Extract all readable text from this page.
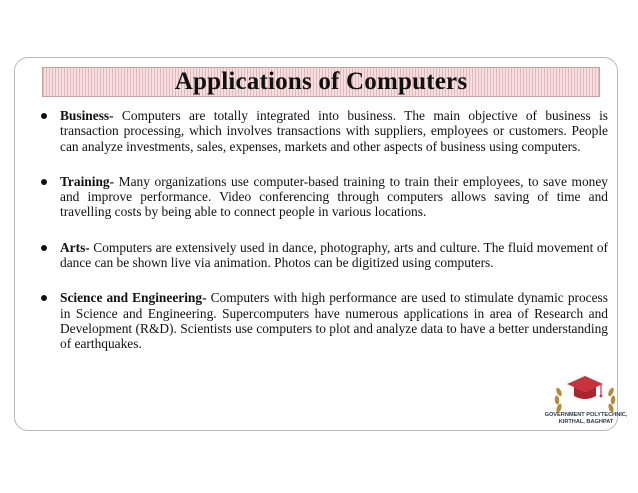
Applications of Computers
Business- Computers are totally integrated into business. The main objective of business is transaction processing, which involves transactions with suppliers, employees or customers. People can analyze investments, sales, expenses, markets and other aspects of business using computers.
Training- Many organizations use computer-based training to train their employees, to save money and improve performance. Video conferencing through computers allows saving of time and travelling costs by being able to connect people in various locations.
Arts- Computers are extensively used in dance, photography, arts and culture. The fluid movement of dance can be shown live via animation. Photos can be digitized using computers.
Science and Engineering- Computers with high performance are used to stimulate dynamic process in Science and Engineering. Supercomputers have numerous applications in area of Research and Development (R&D). Scientists use computers to plot and analyze data to have a better understanding of earthquakes.
GOVERNMENT POLYTECHNIC,
KIRTHAL, BAGHPAT
